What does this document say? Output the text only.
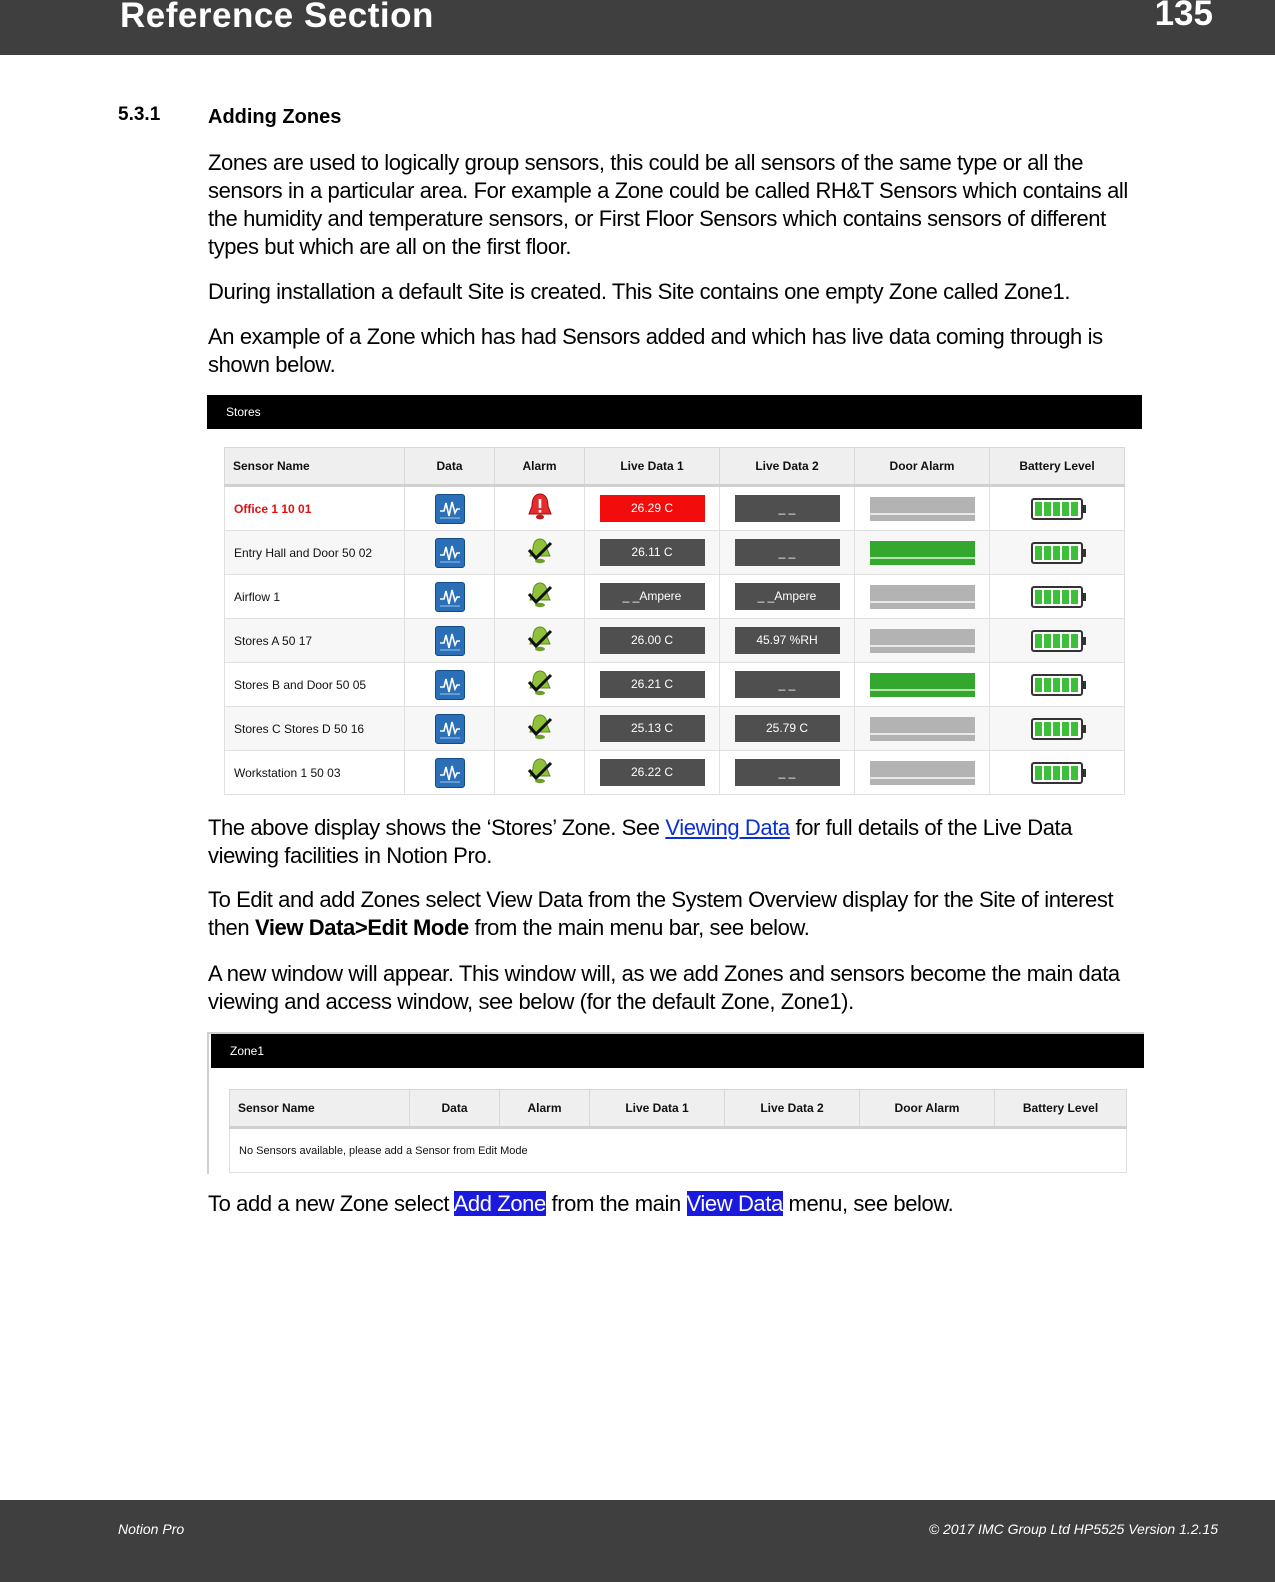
Reference Section	135
5.3.1 Adding Zones

Zones are used to logically group sensors, this could be all sensors of the same type or all the sensors in a particular area. For example a Zone could be called RH&T Sensors which contains all the humidity and temperature sensors, or First Floor Sensors which contains sensors of different types but which are all on the first floor.

During installation a default Site is created. This Site contains one empty Zone called Zone1.

An example of a Zone which has had Sensors added and which has live data coming through is shown below.

Stores
Sensor Name	Data	Alarm	Live Data 1	Live Data 2	Door Alarm	Battery Level
Office 1 10 01			26.29 C	_ _		

Entry Hall and Door 50 02			26.11 C	_ _		

Airflow 1			_ _Ampere	_ _Ampere		

Stores A 50 17			26.00 C	45.97 %RH		

Stores B and Door 50 05			26.21 C	_ _		

Stores C Stores D 50 16			25.13 C	25.79 C		

Workstation 1 50 03			26.22 C	_ _		

The above display shows the ‘Stores’ Zone. See Viewing Data for full details of the Live Data viewing facilities in Notion Pro.

To Edit and add Zones select View Data from the System Overview display for the Site of interest then View Data>Edit Mode from the main menu bar, see below.

A new window will appear. This window will, as we add Zones and sensors become the main data viewing and access window, see below (for the default Zone, Zone1).

Zone1
Sensor Name	Data	Alarm	Live Data 1	Live Data 2	Door Alarm	Battery Level
No Sensors available, please add a Sensor from Edit Mode

To add a new Zone select Add Zone from the main View Data menu, see below.

Notion Pro	© 2017 IMC Group Ltd HP5525 Version 1.2.15
